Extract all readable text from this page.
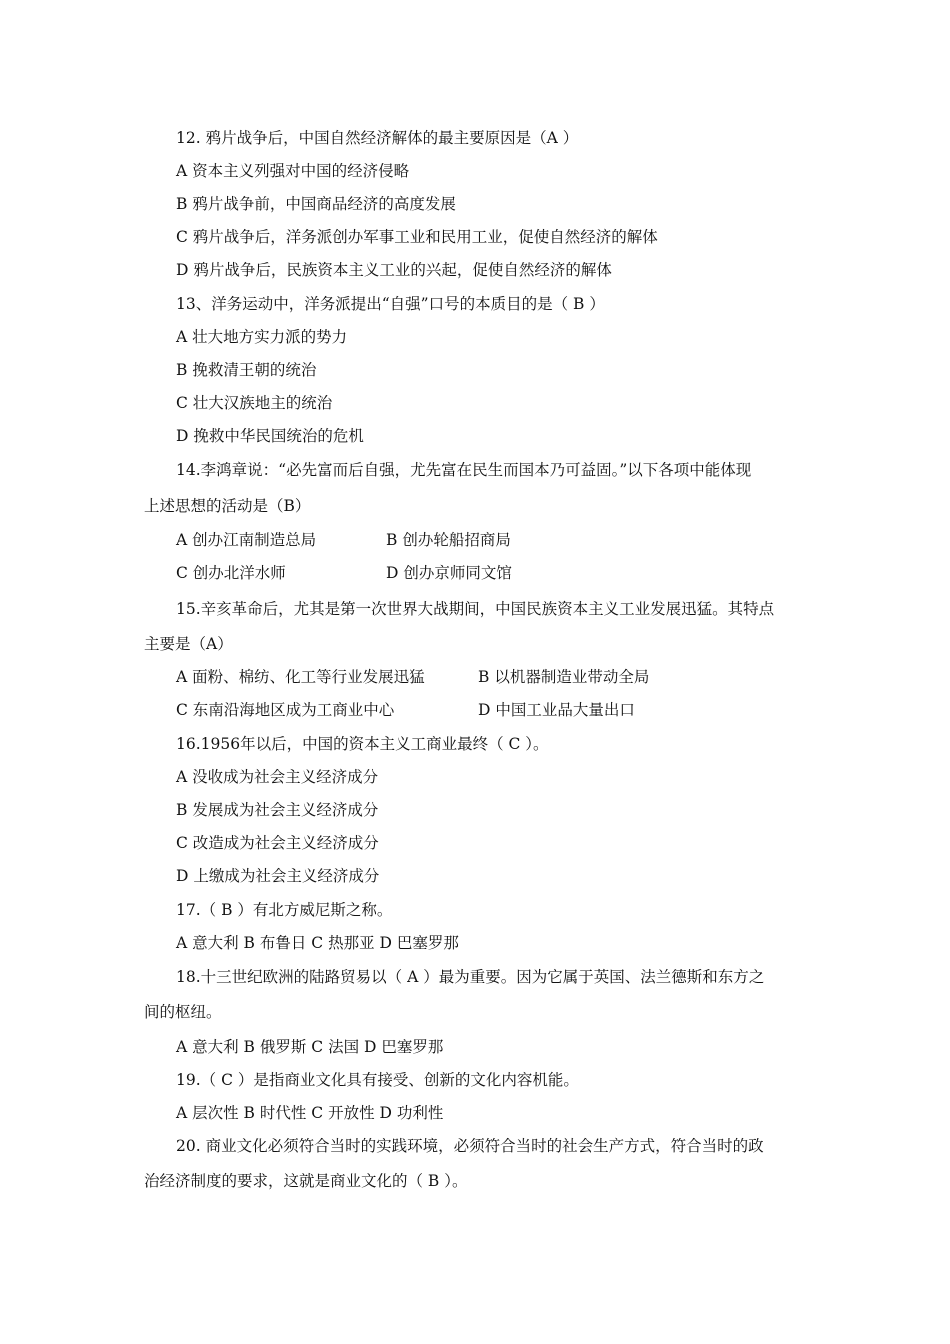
12. 鸦片战争后，中国自然经济解体的最主要原因是（A ）
A 资本主义列强对中国的经济侵略
B 鸦片战争前，中国商品经济的高度发展
C 鸦片战争后，洋务派创办军事工业和民用工业，促使自然经济的解体
D 鸦片战争后，民族资本主义工业的兴起，促使自然经济的解体
13、洋务运动中，洋务派提出“自强”口号的本质目的是（ B ）
A 壮大地方实力派的势力
B 挽救清王朝的统治
C 壮大汉族地主的统治
D 挽救中华民国统治的危机
14.李鸿章说：“必先富而后自强，尤先富在民生而国本乃可益固。”以下各项中能体现
上述思想的活动是（B）
A 创办江南制造总局	B 创办轮船招商局
C 创办北洋水师	D 创办京师同文馆
15.辛亥革命后，尤其是第一次世界大战期间，中国民族资本主义工业发展迅猛。其特点
主要是（A）
A 面粉、棉纺、化工等行业发展迅猛	B 以机器制造业带动全局
C 东南沿海地区成为工商业中心	D 中国工业品大量出口
16.1956年以后，中国的资本主义工商业最终（ C ）。
A 没收成为社会主义经济成分
B 发展成为社会主义经济成分
C 改造成为社会主义经济成分
D 上缴成为社会主义经济成分
17.（ B ）有北方威尼斯之称。
A 意大利 B 布鲁日 C 热那亚 D 巴塞罗那
18.十三世纪欧洲的陆路贸易以（ A ）最为重要。因为它属于英国、法兰德斯和东方之
间的枢纽。
A 意大利 B 俄罗斯 C 法国 D 巴塞罗那
19.（ C ）是指商业文化具有接受、创新的文化内容机能。
A 层次性 B 时代性 C 开放性 D 功利性
20. 商业文化必须符合当时的实践环境，必须符合当时的社会生产方式，符合当时的政
治经济制度的要求，这就是商业文化的（ B ）。
